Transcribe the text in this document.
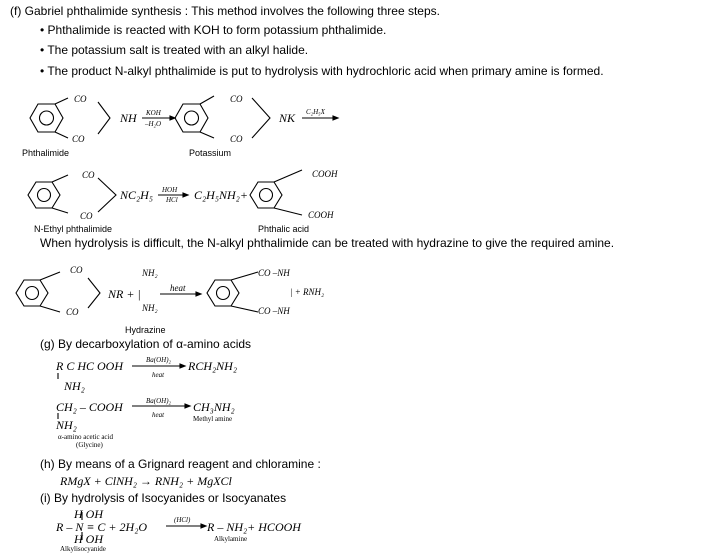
(f) Gabriel phthalimide synthesis : This method involves the following three steps.
• Phthalimide is reacted with KOH to form potassium phthalimide.
• The potassium salt is treated with an alkyl halide.
• The product N-alkyl phthalimide is put to hydrolysis with hydrochloric acid when primary amine is formed.
CO
CO
NH KOH
–H₂O
CO
CO
NK C₂H₅X
Phthalimide	Potassium
CO
CO
NC₂H₅ HOH
HCl C₂H₅NH₂+
COOH
COOH
N-Ethyl phthalimide	Phthalic acid
When hydrolysis is difficult, the N-alkyl phthalimide can be treated with hydrazine to give the required amine.
CO
CO
NR + |
NH₂
NH₂
heat
CO –NH
| + RNH₂
CO –NH
Hydrazine
(g) By decarboxylation of α-amino acids
R C HC OOH	Ba(OH)₂
heat
RCH₂NH₂
NH₂
CH₂ – COOH	Ba(OH)₂
heat
CH₃NH₂
Methyl amine
NH₂
α-amino acetic acid
(Glycine)
(h) By means of a Grignard reagent and chloramine :
RMgX + ClNH₂ → RNH₂ + MgXCl
(i) By hydrolysis of Isocyanides or Isocyanates
H OH
R – N ≡ C + 2H₂O	(HCl) R – NH₂+ HCOOH
H OH
Alkylisocyanide
Alkylamine
